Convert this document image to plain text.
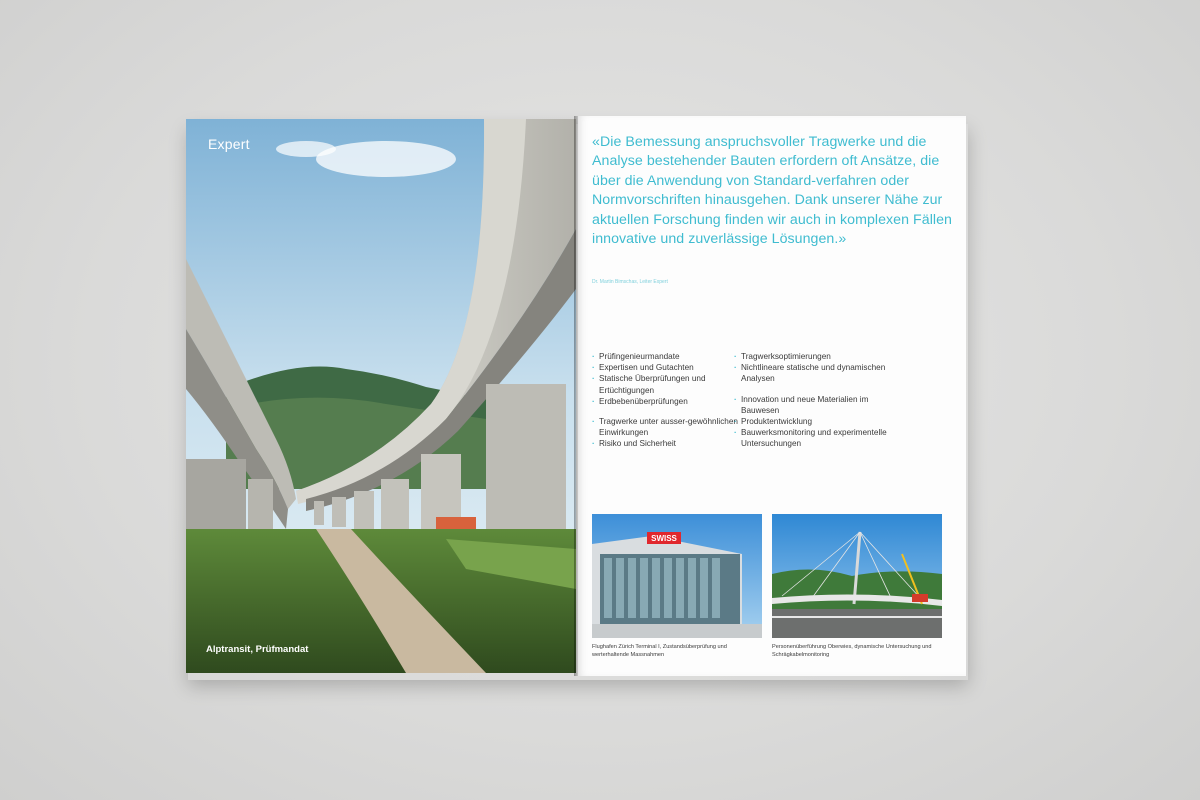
Expert
Alptransit, Prüfmandat
«Die Bemessung anspruchsvoller Tragwerke und die Analyse bestehender Bauten erfordern oft Ansätze, die über die Anwendung von Standard-verfahren oder Normvorschriften hinausgehen. Dank unserer Nähe zur aktuellen Forschung finden wir auch in komplexen Fällen innovative und zuverlässige Lösungen.»
Dr. Martin Bimschas, Leiter Expert
· Prüfingenieurmandate
· Expertisen und Gutachten
· Statische Überprüfungen und Ertüchtigungen
· Erdbebenüberprüfungen
· Tragwerke unter ausser-gewöhnlichen Einwirkungen
· Risiko und Sicherheit
· Tragwerksoptimierungen
· Nichtlineare statische und dynamischen Analysen
· Innovation und neue Materialien im Bauwesen
· Produktentwicklung
· Bauwerksmonitoring und experimentelle Untersuchungen
SWISS
Flughafen Zürich Terminal I, Zustandsüberprüfung und werterhaltende Massnahmen
Personenüberführung Oberwies, dynamische Untersuchung und Schrägkabelmonitoring
